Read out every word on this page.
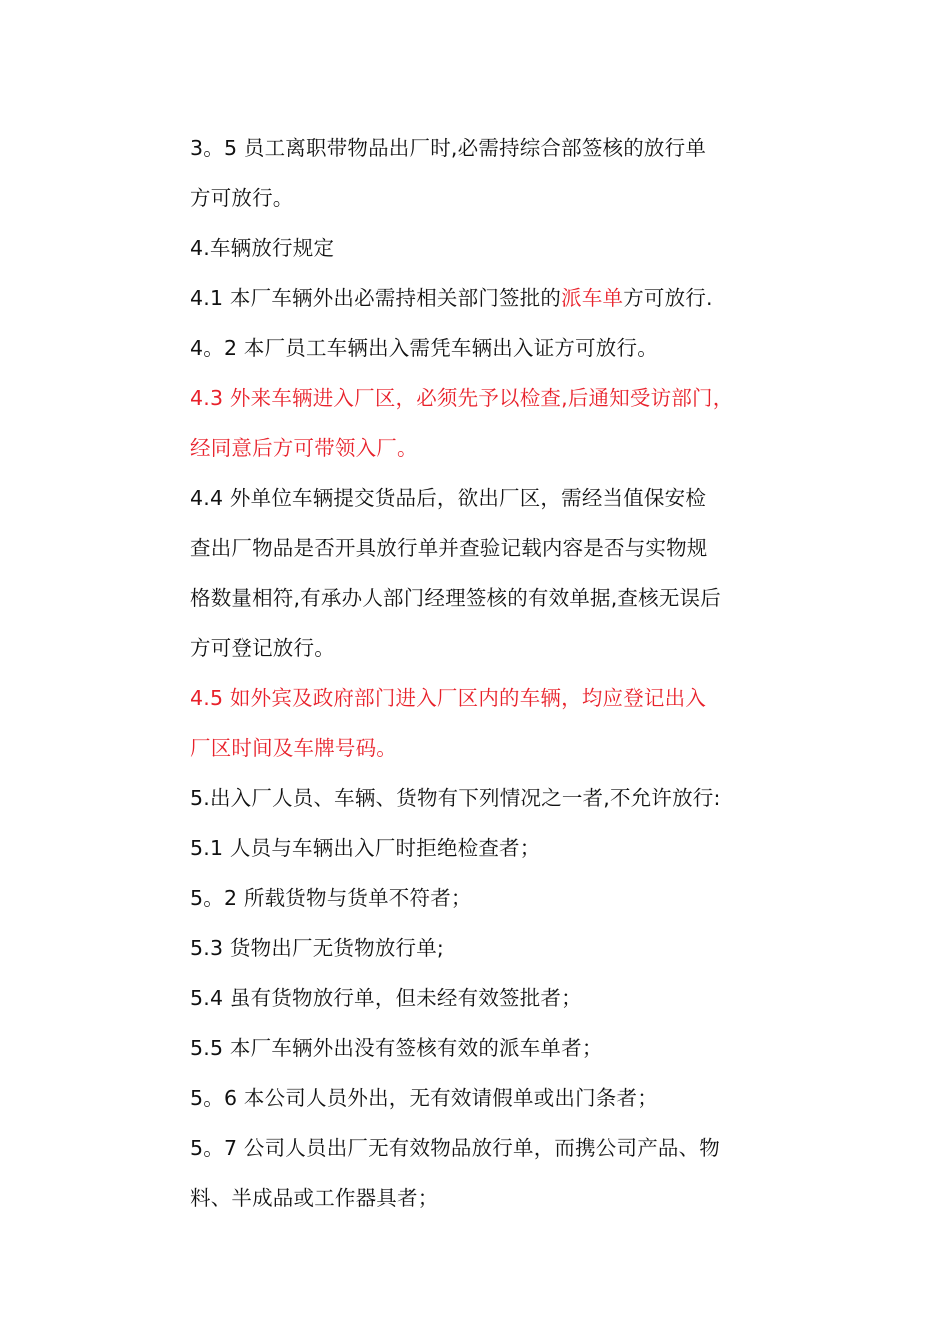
3。5 员工离职带物品出厂时,必需持综合部签核的放行单
方可放行。
4.车辆放行规定
4.1 本厂车辆外出必需持相关部门签批的派车单方可放行.
4。2 本厂员工车辆出入需凭车辆出入证方可放行。
4.3 外来车辆进入厂区，必须先予以检查,后通知受访部门，
经同意后方可带领入厂。
4.4 外单位车辆提交货品后，欲出厂区，需经当值保安检
查出厂物品是否开具放行单并查验记载内容是否与实物规
格数量相符,有承办人部门经理签核的有效单据,查核无误后
方可登记放行。
4.5 如外宾及政府部门进入厂区内的车辆，均应登记出入
厂区时间及车牌号码。
5.出入厂人员、车辆、货物有下列情况之一者,不允许放行:
5.1 人员与车辆出入厂时拒绝检查者；
5。2 所载货物与货单不符者；
5.3 货物出厂无货物放行单;
5.4 虽有货物放行单，但未经有效签批者；
5.5 本厂车辆外出没有签核有效的派车单者；
5。6 本公司人员外出，无有效请假单或出门条者；
5。7 公司人员出厂无有效物品放行单，而携公司产品、物
料、半成品或工作器具者；
